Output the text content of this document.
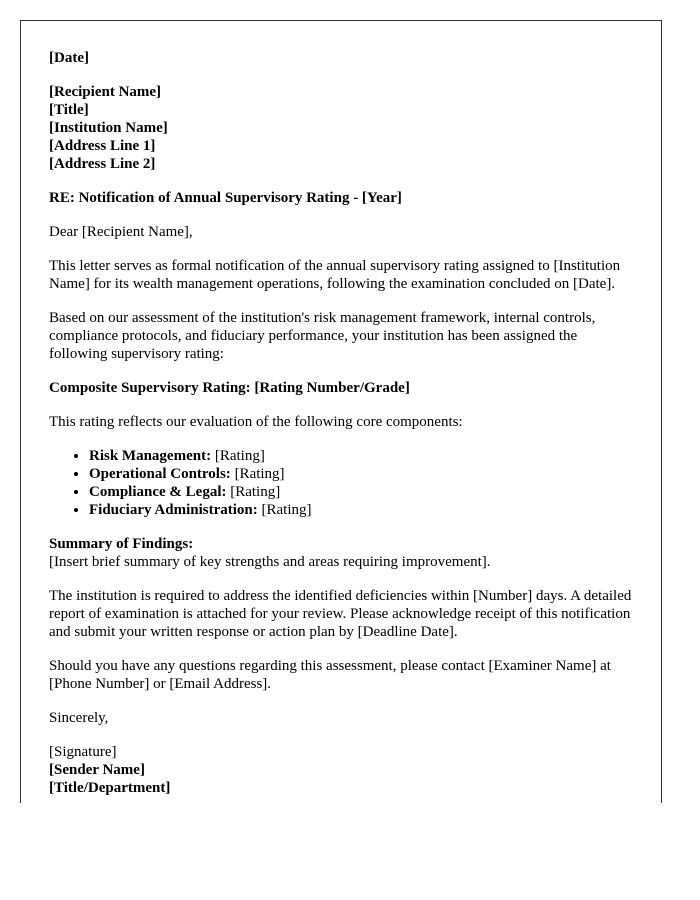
[Date]

[Recipient Name]
[Title]
[Institution Name]
[Address Line 1]
[Address Line 2]

RE: Notification of Annual Supervisory Rating - [Year]

Dear [Recipient Name],

This letter serves as formal notification of the annual supervisory rating assigned to [Institution Name] for its wealth management operations, following the examination concluded on [Date].

Based on our assessment of the institution's risk management framework, internal controls, compliance protocols, and fiduciary performance, your institution has been assigned the following supervisory rating:

Composite Supervisory Rating: [Rating Number/Grade]

This rating reflects our evaluation of the following core components:

• Risk Management: [Rating]
• Operational Controls: [Rating]
• Compliance & Legal: [Rating]
• Fiduciary Administration: [Rating]

Summary of Findings:
[Insert brief summary of key strengths and areas requiring improvement].

The institution is required to address the identified deficiencies within [Number] days. A detailed report of examination is attached for your review. Please acknowledge receipt of this notification and submit your written response or action plan by [Deadline Date].

Should you have any questions regarding this assessment, please contact [Examiner Name] at [Phone Number] or [Email Address].

Sincerely,

[Signature]
[Sender Name]
[Title/Department]
